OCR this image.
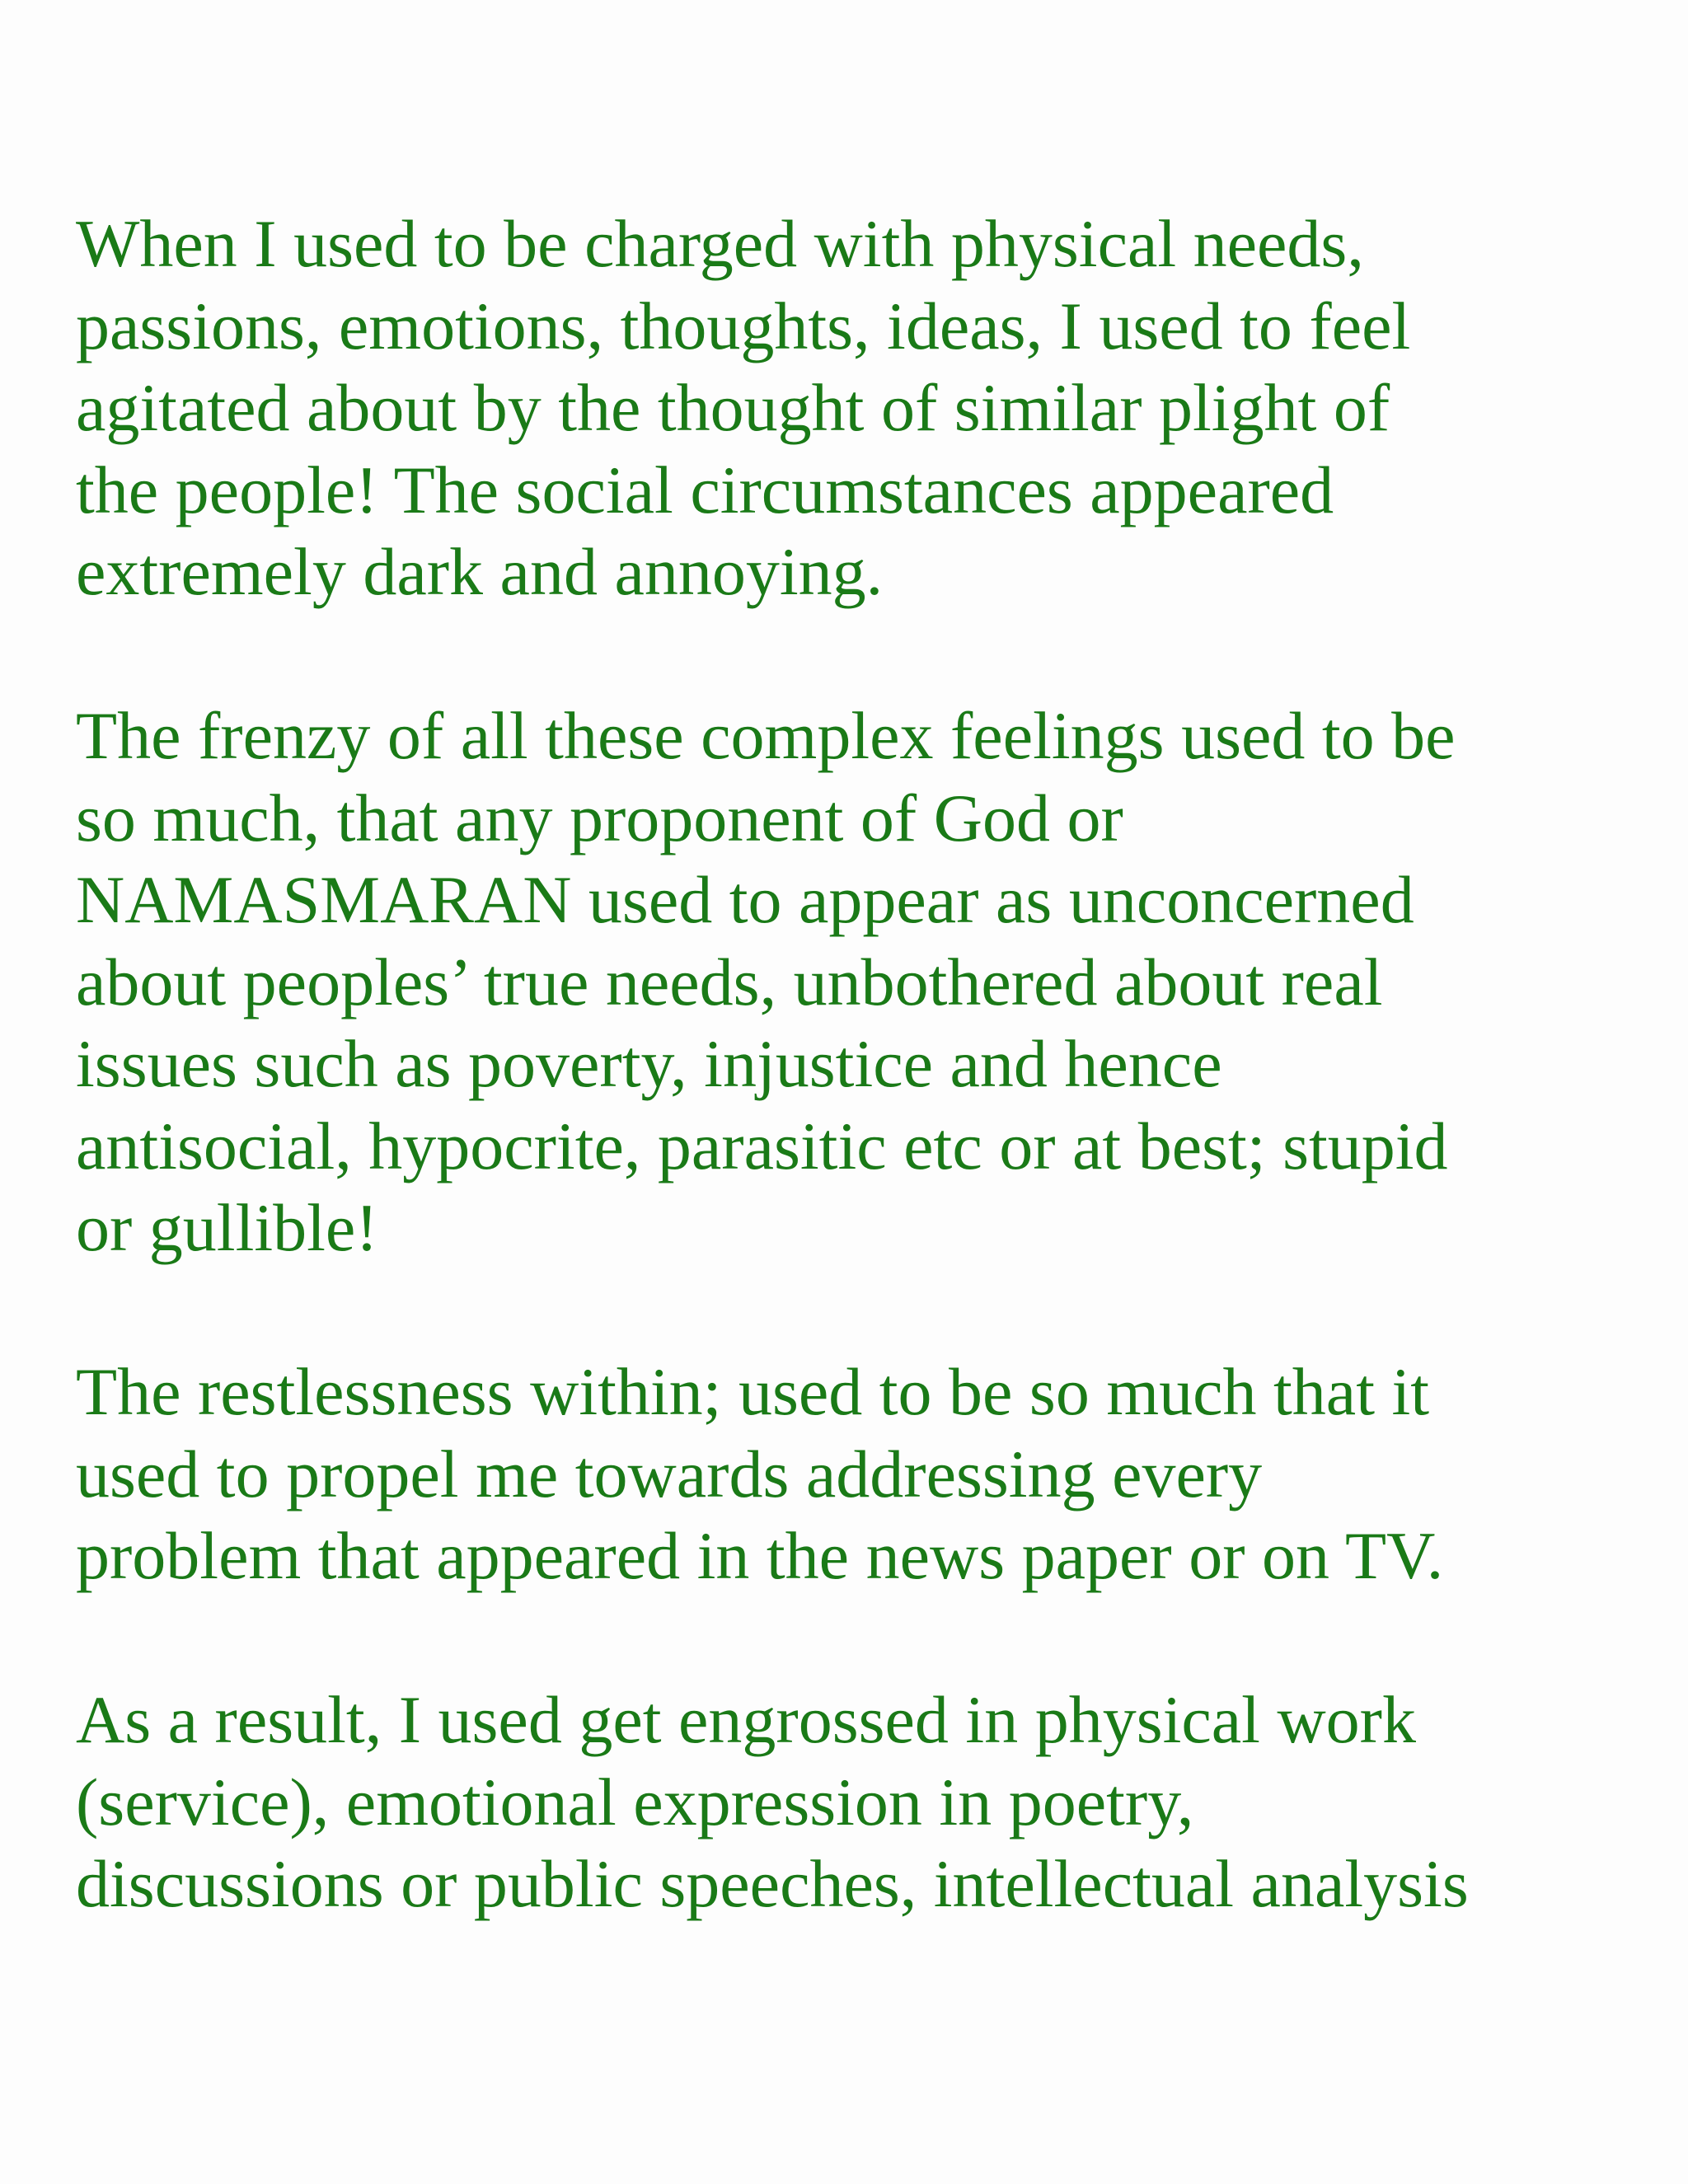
When I used to be charged with physical needs,
passions, emotions, thoughts, ideas, I used to feel
agitated about by the thought of similar plight of
the people! The social circumstances appeared
extremely dark and annoying.

The frenzy of all these complex feelings used to be
so much, that any proponent of God or
NAMASMARAN used to appear as unconcerned
about peoples’ true needs, unbothered about real
issues such as poverty, injustice and hence
antisocial, hypocrite, parasitic etc or at best; stupid
or gullible!

The restlessness within; used to be so much that it
used to propel me towards addressing every
problem that appeared in the news paper or on TV.

As a result, I used get engrossed in physical work
(service), emotional expression in poetry,
discussions or public speeches, intellectual analysis
